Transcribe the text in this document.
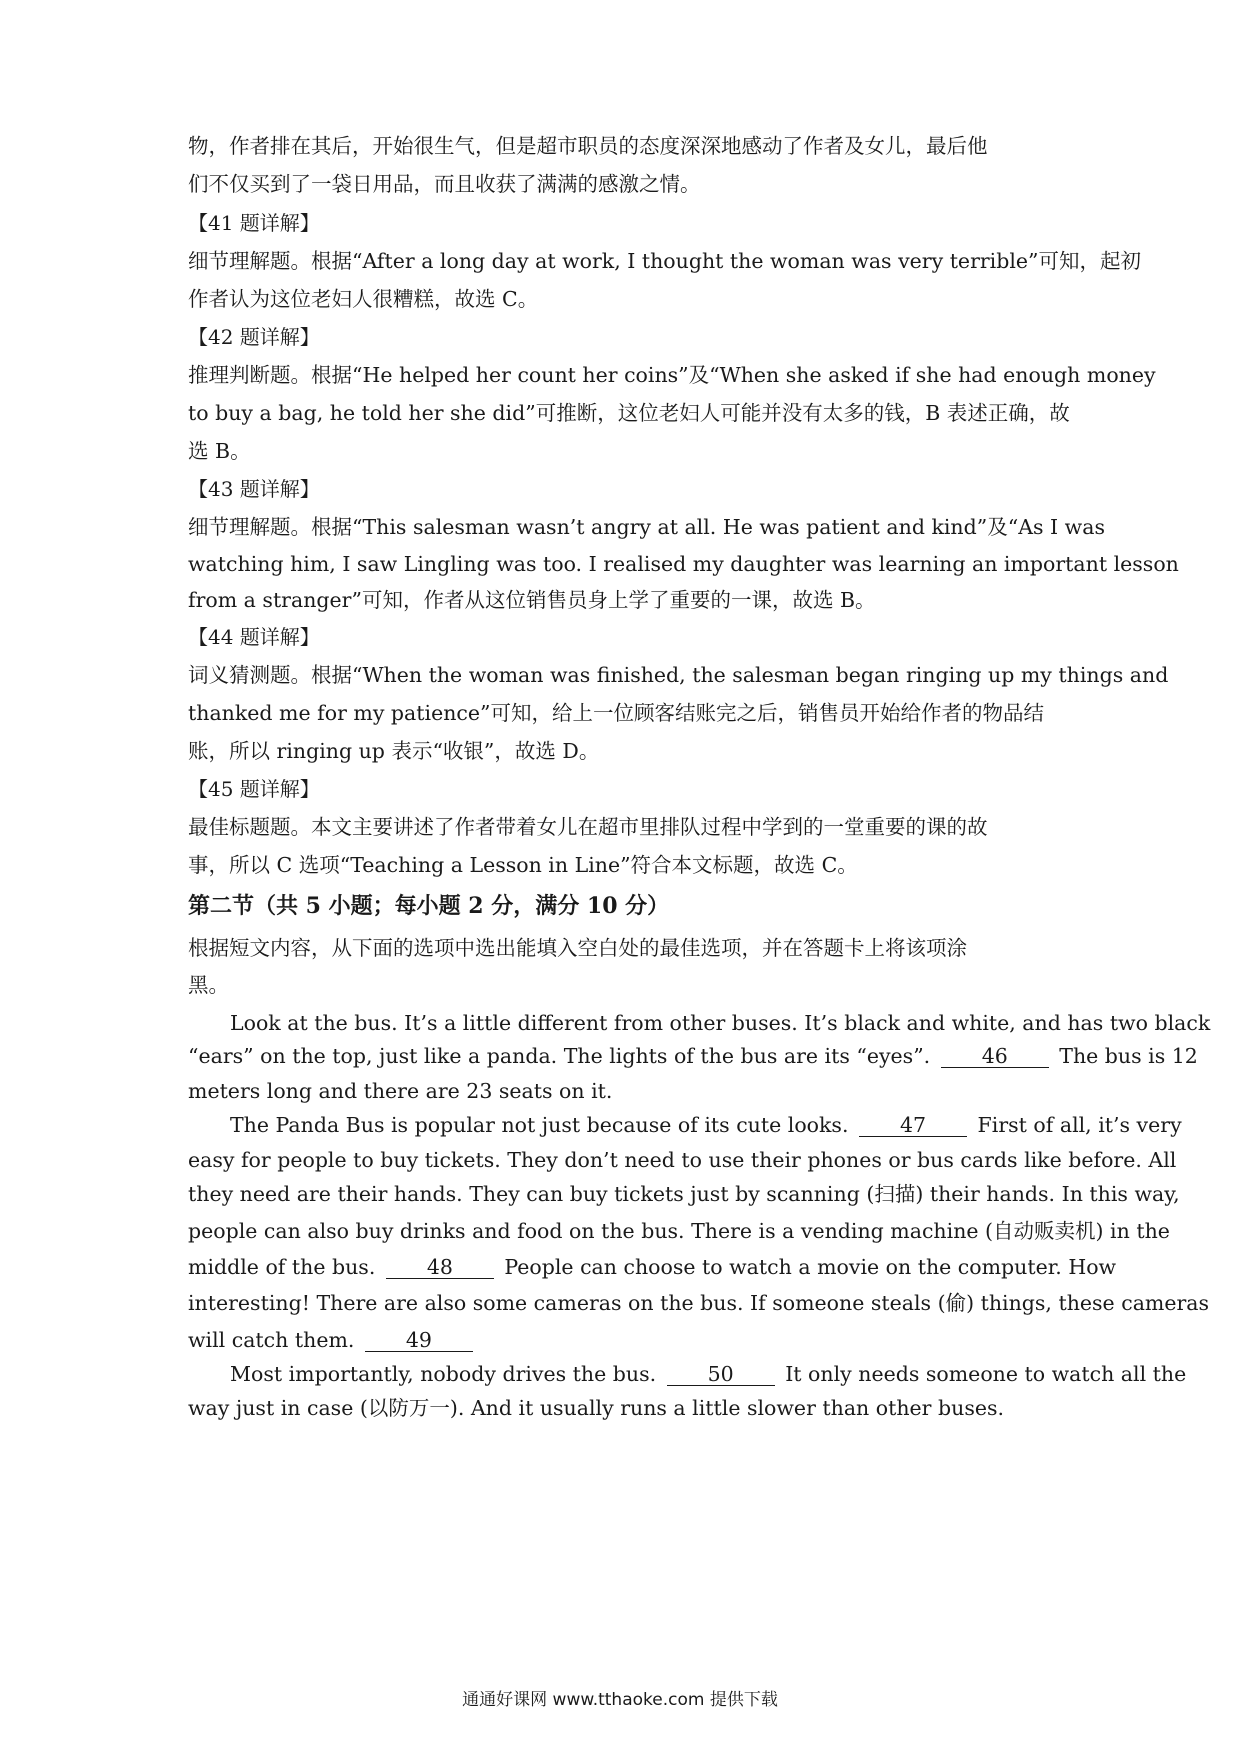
物，作者排在其后，开始很生气，但是超市职员的态度深深地感动了作者及女儿，最后他
们不仅买到了一袋日用品，而且收获了满满的感激之情。
【41 题详解】
细节理解题。根据“After a long day at work, I thought the woman was very terrible”可知，起初
作者认为这位老妇人很糟糕，故选 C。
【42 题详解】
推理判断题。根据“He helped her count her coins”及“When she asked if she had enough money
to buy a bag, he told her she did”可推断，这位老妇人可能并没有太多的钱，B 表述正确，故
选 B。
【43 题详解】
细节理解题。根据“This salesman wasn’t angry at all. He was patient and kind”及“As I was
watching him, I saw Lingling was too. I realised my daughter was learning an important lesson
from a stranger”可知，作者从这位销售员身上学了重要的一课，故选 B。
【44 题详解】
词义猜测题。根据“When the woman was finished, the salesman began ringing up my things and
thanked me for my patience”可知，给上一位顾客结账完之后，销售员开始给作者的物品结
账，所以 ringing up 表示“收银”，故选 D。
【45 题详解】
最佳标题题。本文主要讲述了作者带着女儿在超市里排队过程中学到的一堂重要的课的故
事，所以 C 选项“Teaching a Lesson in Line”符合本文标题，故选 C。
第二节（共 5 小题；每小题 2 分，满分 10 分）
根据短文内容，从下面的选项中选出能填入空白处的最佳选项，并在答题卡上将该项涂
黑。
Look at the bus. It’s a little different from other buses. It’s black and white, and has two black
“ears” on the top, just like a panda. The lights of the bus are its “eyes”.	46	The bus is 12
meters long and there are 23 seats on it.
The Panda Bus is popular not just because of its cute looks.	47	First of all, it’s very
easy for people to buy tickets. They don’t need to use their phones or bus cards like before. All
they need are their hands. They can buy tickets just by scanning (扫描) their hands. In this way,
people can also buy drinks and food on the bus. There is a vending machine (自动贩卖机) in the
middle of the bus.	48	People can choose to watch a movie on the computer. How
interesting! There are also some cameras on the bus. If someone steals (偷) things, these cameras
will catch them.	49
Most importantly, nobody drives the bus.	50	It only needs someone to watch all the
way just in case (以防万一). And it usually runs a little slower than other buses.
通通好课网 www.tthaoke.com 提供下载
